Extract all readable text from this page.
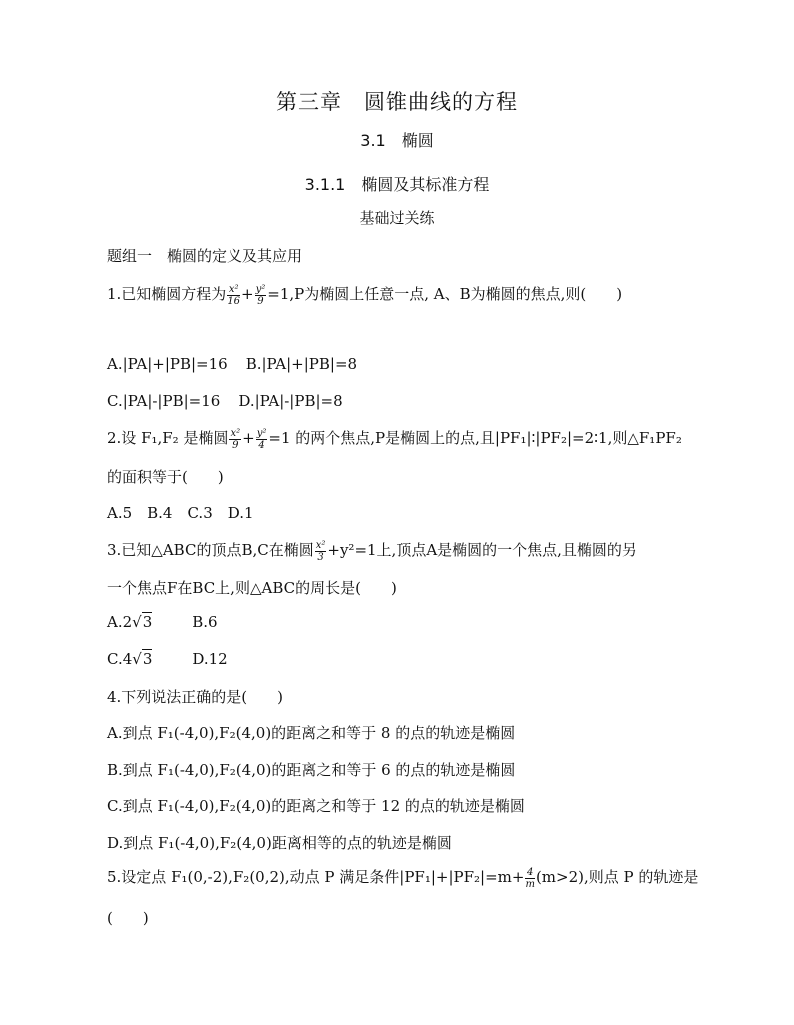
第三章　圆锥曲线的方程
3.1　椭圆
3.1.1　椭圆及其标准方程
基础过关练
题组一　椭圆的定义及其应用
1.已知椭圆方程为 $\frac{\text{x²}}{16} + \frac{\text{y²}}{9} =1,P$为椭圆上任意一点, A、B为椭圆的焦点,则(　　)
A.|PA|+|PB|=16 B.|PA|+|PB|=8
C.|PA|-|PB|=16 D.|PA|-|PB|=8
2.设 F₁,F₂ 是椭圆 $\frac{\text{x²}}{9} + \frac{\text{y²}}{4} =1$ 的两个焦点,P是椭圆上的点,且|PF₁|∶|PF₂|=2∶1,则△F₁PF₂
的面积等于(　　)
A.5　B.4　C.3　D.1
3.已知△ABC的顶点B,C在椭圆 $\frac{\text{x²}}{3} +y^2=1$上,顶点A是椭圆的一个焦点,且椭圆的另
一个焦点F在BC上,则△ABC的周长是(　　)
A.2√3	B.6
C.4√3	D.12
4.下列说法正确的是(　　)
A.到点 F₁(-4,0),F₂(4,0)的距离之和等于 8 的点的轨迹是椭圆
B.到点 F₁(-4,0),F₂(4,0)的距离之和等于 6 的点的轨迹是椭圆
C.到点 F₁(-4,0),F₂(4,0)的距离之和等于 12 的点的轨迹是椭圆
D.到点 F₁(-4,0),F₂(4,0)距离相等的点的轨迹是椭圆
5.设定点 F₁(0,-2),F₂(0,2),动点 P 满足条件$|PF_1|+|PF_2|=m+ \frac{4}{m} (m>2)$,则点 P 的轨迹是
(　　)
